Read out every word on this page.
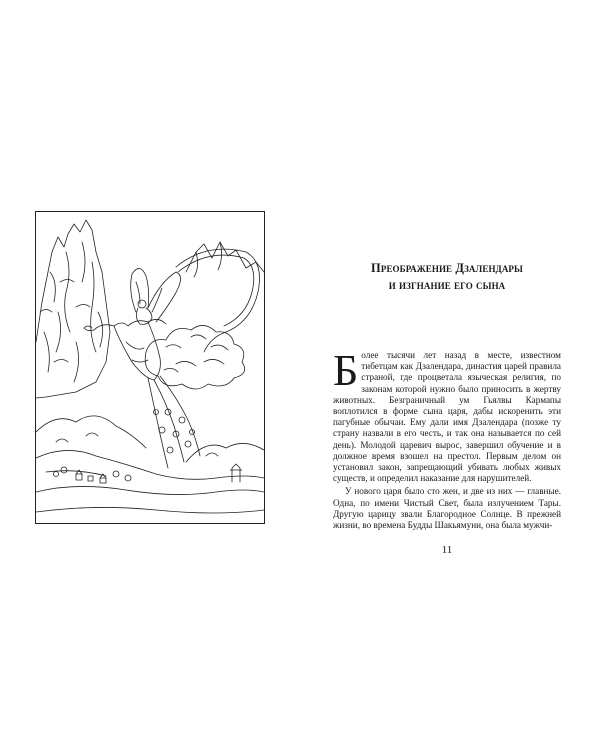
Преображение Дзалендары
и изгнание его сына

Более тысячи лет назад в месте, известном тибетцам как Дзалендара, династия царей правила страной, где процветала языческая религия, по законам которой нужно было приносить в жертву животных. Безграничный ум Гьялвы Кармапы воплотился в форме сына царя, дабы искоренить эти пагубные обычаи. Ему дали имя Дзалендара (позже ту страну назвали в его честь, и так она называется по сей день). Молодой царевич вырос, завершил обучение и в должное время взошел на престол. Первым делом он установил закон, запрещающий убивать любых живых существ, и определил наказание для нарушителей.

У нового царя было сто жен, и две из них — главные. Одна, по имени Чистый Свет, была излучением Тары. Другую царицу звали Благородное Солнце. В прежней жизни, во времена Будды Шакьямуни, она была мужчи-

11
